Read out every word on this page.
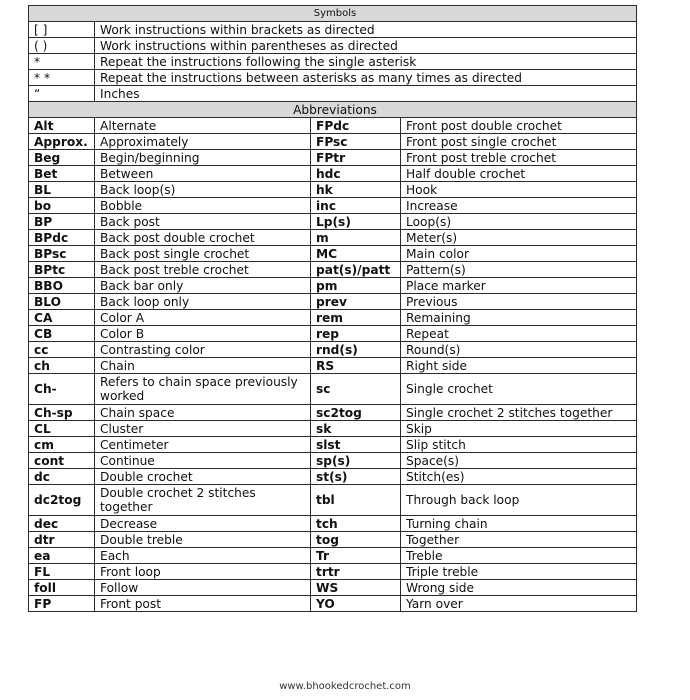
Symbols			
[ ]	Work instructions within brackets as directed		
( )	Work instructions within parentheses as directed		
*	Repeat the instructions following the single asterisk		
* *	Repeat the instructions between asterisks as many times as directed		
“	Inches		
Abbreviations			
Alt	Alternate	FPdc	Front post double crochet
Approx.	Approximately	FPsc	Front post single crochet
Beg	Begin/beginning	FPtr	Front post treble crochet
Bet	Between	hdc	Half double crochet
BL	Back loop(s)	hk	Hook
bo	Bobble	inc	Increase
BP	Back post	Lp(s)	Loop(s)
BPdc	Back post double crochet	m	Meter(s)
BPsc	Back post single crochet	MC	Main color
BPtc	Back post treble crochet	pat(s)/patt	Pattern(s)
BBO	Back bar only	pm	Place marker
BLO	Back loop only	prev	Previous
CA	Color A	rem	Remaining
CB	Color B	rep	Repeat
cc	Contrasting color	rnd(s)	Round(s)
ch	Chain	RS	Right side
Ch-	Refers to chain space previously worked	sc	Single crochet
Ch-sp	Chain space	sc2tog	Single crochet 2 stitches together
CL	Cluster	sk	Skip
cm	Centimeter	slst	Slip stitch
cont	Continue	sp(s)	Space(s)
dc	Double crochet	st(s)	Stitch(es)
dc2tog	Double crochet 2 stitches together	tbl	Through back loop
dec	Decrease	tch	Turning chain
dtr	Double treble	tog	Together
ea	Each	Tr	Treble
FL	Front loop	trtr	Triple treble
foll	Follow	WS	Wrong side
FP	Front post	YO	Yarn over
www.bhookedcrochet.com
